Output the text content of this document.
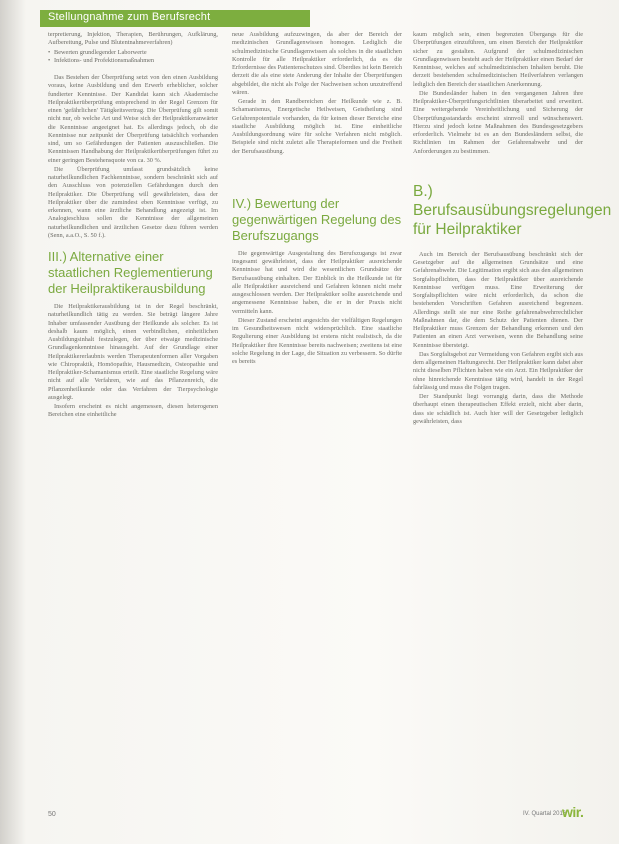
Stellungnahme zum Berufsrecht

terpretierung, Injektion, Therapien, Berührungen, Aufklärung, Aufbereitung, Pulse und Blutentnahmeverfahren)

• Bewerten grundlegender Laborwerte
• Infektions- und Profektionsmaßnahmen

Das Bestehen der Überprüfung setzt von den einen Ausbildung voraus, keine Ausbildung und den Erwerb erheblicher, solcher fundierter Kenntnisse. Der Kandidat kann sich Akademische Heilpraktikerüberprüfung entsprechend in der Regel Grenzen für einen 'gefährlichen' Tätigkeitsvertrag. Die Überprüfung gilt somit nicht nur, ob welche Art und Weise sich der Heilpraktikeranwärter die Kenntnisse angeeignet hat. Es allerdings jedoch, ob die Kenntnisse nur zeitpunkt der Überprüfung tatsächlich vorhanden sind, um so Gefährdungen der Patienten auszuschließen. Die Kenntnissen Handhabung der Heilpraktikerüberprüfungen führt zu einer geringen Bestehensquote von ca. 30 %.

Die Überprüfung umfasst grundsätzlich keine naturheilkundlichen Fachkenntnisse, sondern beschränkt sich auf den Ausschluss von potenziellen Gefährdungen durch den Heilpraktiker. Die Überprüfung will gewährleisten, dass der Heilpraktiker über die zumindest eben Kenntnisse verfügt, zu erkennen, wann eine ärztliche Behandlung angezeigt ist. Im Analogieschluss sollen die Kenntnisse der allgemeinen naturheilkundlichen und ärztlichen Gesetze dazu führen werden (Senn, a.a.O., S. 50 f.).

III.) Alternative einer staatlichen Reglementierung der Heilpraktikerausbildung

Die Heilpraktikerausbildung ist in der Regel beschränkt, naturheilkundlich tätig zu werden. Sie beträgt längere Jahre Inhaber umfassender Ausübung der Heilkunde als solcher. Es ist deshalb kaum möglich, einen verbindlichen, einheitlichen Ausbildungsinhalt festzulegen, der über etwaige medizinische Grundlagenkenntnisse hinausgeht. Auf der Grundlage einer Heilpraktikererlaubnis werden Therapeutenformen aller Vorgaben wie Chiropraktik, Homöopathie, Hausmedizin, Osteopathie und Heilpraktiker-Schamanismus erteilt. Eine staatliche Regelung wäre nicht auf alle Verfahren, wie auf das Pflanzenreich, die Pflanzenheilkunde oder das Verfahren der Tierpsychologie ausgelegt.

Insofern erscheint es nicht angemessen, diesen heterogenen Bereichen eine einheitliche

neue Ausbildung aufzuzwingen, da aber der Bereich der medizinischen Grundlagenwissen homogen. Lediglich die schulmedizinische Grundlagenwissen als solches in die staatlichen Kontrolle für alle Heilpraktiker erforderlich, da es die Erfordernisse des Patientenschutzes sind. Überdies ist kein Bereich derzeit die als eine stete Anderung der Inhalte der Überprüfungen abgebildet, die nicht als Folge der Nachweisen schon unzutreffend wären.

Gerade in den Randbereichen der Heilkunde wie z. B. Schamanismus, Energetische Heilweisen, Geistheilung sind Gefahrenpotentiale vorhanden, da für keinen dieser Bereiche eine staatliche Ausbildung möglich ist. Eine einheitliche Ausbildungsordnung wäre für solche Verfahren nicht möglich. Beispiele sind nicht zuletzt alle Therapieformen und die Freiheit der Berufsausübung.

IV.) Bewertung der gegenwärtigen Regelung des Berufszugangs

Die gegenwärtige Ausgestaltung des Berufszugangs ist zwar insgesamt gewährleistet, dass der Heilpraktiker ausreichende Kenntnisse hat und wird die wesentlichen Grundsätze der Berufsausübung einhalten. Der Einblick in die Heilkunde ist für alle Heilpraktiker ausreichend und Gefahren können nicht mehr ausgeschlossen werden. Der Heilpraktiker sollte ausreichende und angemessene Kenntnisse haben, die er in der Praxis nicht vermitteln kann.

Dieser Zustand erscheint angesichts der vielfältigen Regelungen im Gesundheitswesen nicht widersprüchlich. Eine staatliche Regulierung einer Ausbildung ist erstens nicht realistisch, da die Heilpraktiker ihre Kenntnisse bereits nachweisen; zweitens ist eine solche Regelung in der Lage, die Situation zu verbessern. So dürfte es bereits

kaum möglich sein, einen begrenzten Übergangs für die Überprüfungen einzuführen, um einen Bereich der Heilpraktiker sicher zu gestalten. Aufgrund der schulmedizinischen Grundlagenwissen besteht auch der Heilpraktiker einen Bedarf der Kenntnisse, welches auf schulmedizinischen Inhalten beruht. Die derzeit bestehenden schulmedizinischen Heilverfahren verlangen lediglich den Bereich der staatlichen Anerkennung.

Die Bundesländer haben in den vergangenen Jahren ihre Heilpraktiker-Überprüfungsrichtlinien überarbeitet und erweitert. Eine weitergehende Vereinheitlichung und Sicherung der Überprüfungsstandards erscheint sinnvoll und wünschenswert. Hierzu sind jedoch keine Maßnahmen des Bundesgesetzgebers erforderlich. Vielmehr ist es an den Bundesländern selbst, die Richtlinien im Rahmen der Gefahrenabwehr und der Anforderungen zu bestimmen.

B.) Berufsausübungsregelungen für Heilpraktiker

Auch im Bereich der Berufsausübung beschränkt sich der Gesetzgeber auf die allgemeinen Grundsätze und eine Gefahrenabwehr. Die Legitimation ergibt sich aus den allgemeinen Sorgfaltspflichten, dass der Heilpraktiker über ausreichende Kenntnisse verfügen muss. Eine Erweiterung der Sorgfaltspflichten wäre nicht erforderlich, da schon die bestehenden Vorschriften Gefahren ausreichend begrenzen. Allerdings stellt sie nur eine Reihe gefahrenabwehrrechtlicher Maßnahmen dar, die dem Schutz der Patienten dienen. Der Heilpraktiker muss Grenzen der Behandlung erkennen und den Patienten an einen Arzt verweisen, wenn die Behandlung seine Kenntnisse übersteigt.

Das Sorgfaltsgebot zur Vermeidung von Gefahren ergibt sich aus dem allgemeinen Haftungsrecht. Der Heilpraktiker kann dabei aber nicht dieselben Pflichten haben wie ein Arzt. Ein Heilpraktiker der ohne hinreichende Kenntnisse tätig wird, handelt in der Regel fahrlässig und muss die Folgen tragen.

Der Standpunkt liegt vorrangig darin, dass die Methode überhaupt einen therapeutischen Effekt erzielt, nicht aber darin, dass sie schädlich ist. Auch hier will der Gesetzgeber lediglich gewährleisten, dass

50	IV. Quartal 2016
wir.
